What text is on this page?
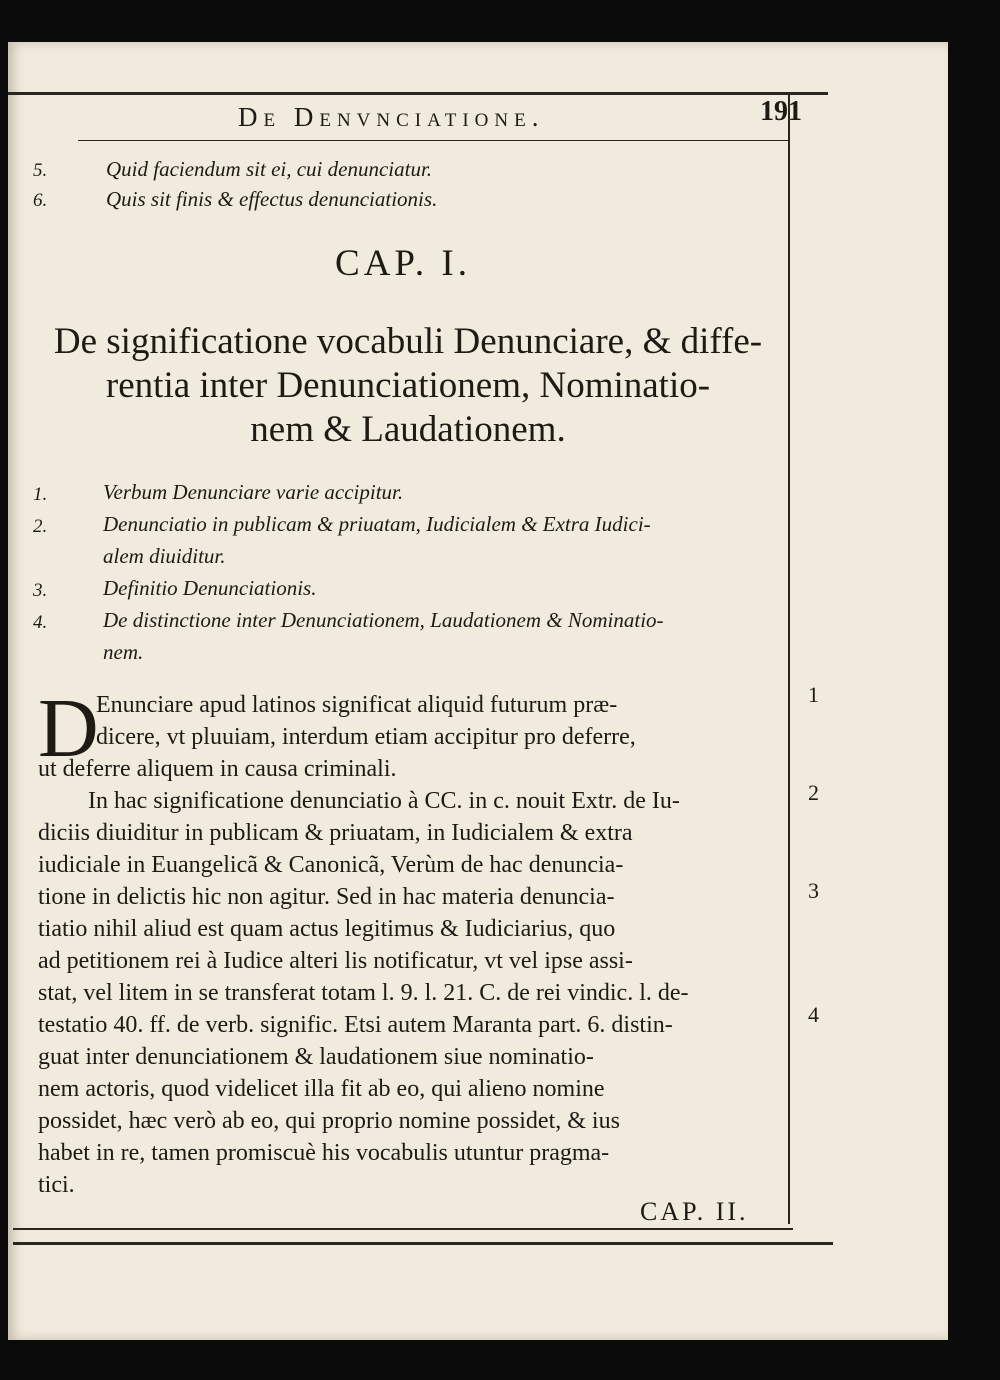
De Denvnciatione.	191
5.	Quid faciendum sit ei, cui denunciatur.
6.	Quis sit finis & effectus denunciationis.
CAP. I.
De significatione vocabuli Denunciare, & diffe-
rentia inter Denunciationem, Nominatio-
nem & Laudationem.
1.	Verbum Denunciare varie accipitur.
2.	Denunciatio in publicam & priuatam, Iudicialem & Extra Iudici-
alem diuiditur.
3.	Definitio Denunciationis.
4.	De distinctione inter Denunciationem, Laudationem & Nominatio-
nem.
D
Enunciare apud latinos significat aliquid futurum præ-
dicere, vt pluuiam, interdum etiam accipitur pro deferre,
ut deferre aliquem in causa criminali.
In hac significatione denunciatio à CC. in c. nouit Extr. de Iu-
diciis diuiditur in publicam & priuatam, in Iudicialem & extra
iudiciale in Euangelicã & Canonicã, Verùm de hac denuncia-
tione in delictis hic non agitur. Sed in hac materia denuncia-
tiatio nihil aliud est quam actus legitimus & Iudiciarius, quo
ad petitionem rei à Iudice alteri lis notificatur, vt vel ipse assi-
stat, vel litem in se transferat totam l. 9. l. 21. C. de rei vindic. l. de-
testatio 40. ff. de verb. signific. Etsi autem Maranta part. 6. distin-
guat inter denunciationem & laudationem siue nominatio-
nem actoris, quod videlicet illa fit ab eo, qui alieno nomine
possidet, hæc verò ab eo, qui proprio nomine possidet, & ius
habet in re, tamen promiscuè his vocabulis utuntur pragma-
tici.
1
2
3
4
CAP. II.
